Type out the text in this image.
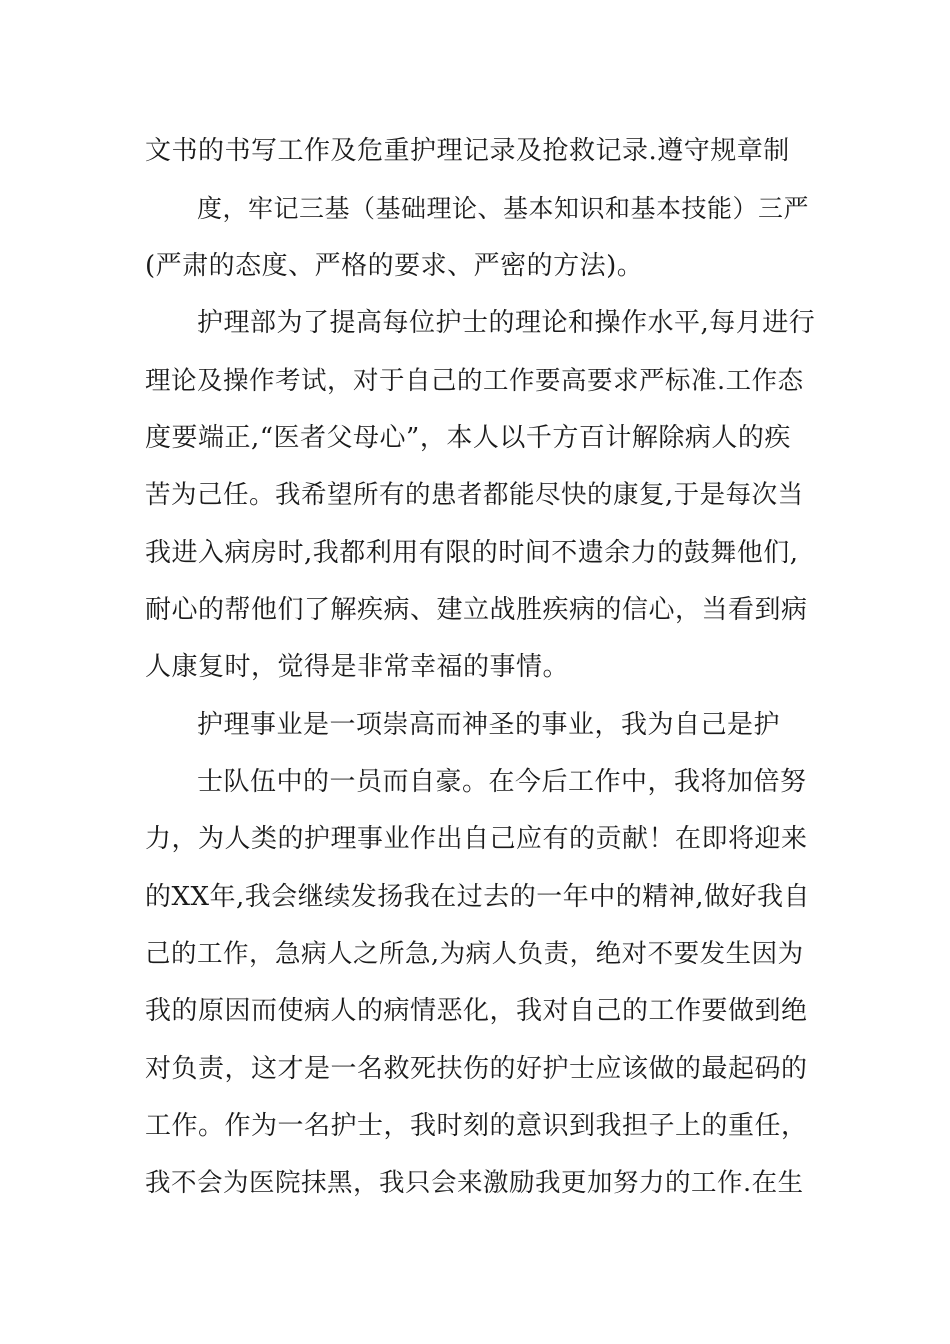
文书的书写工作及危重护理记录及抢救记录.遵守规章制
度，牢记三基（基础理论、基本知识和基本技能）三严
(严肃的态度、严格的要求、严密的方法)。
护理部为了提高每位护士的理论和操作水平,每月进行
理论及操作考试，对于自己的工作要高要求严标准.工作态
度要端正,“医者父母心”，本人以千方百计解除病人的疾
苦为己任。我希望所有的患者都能尽快的康复,于是每次当
我进入病房时,我都利用有限的时间不遗余力的鼓舞他们,
耐心的帮他们了解疾病、建立战胜疾病的信心，当看到病
人康复时，觉得是非常幸福的事情。
护理事业是一项崇高而神圣的事业，我为自己是护
士队伍中的一员而自豪。在今后工作中，我将加倍努
力，为人类的护理事业作出自己应有的贡献！在即将迎来
的XX年,我会继续发扬我在过去的一年中的精神,做好我自
己的工作，急病人之所急,为病人负责，绝对不要发生因为
我的原因而使病人的病情恶化，我对自己的工作要做到绝
对负责，这才是一名救死扶伤的好护士应该做的最起码的
工作。作为一名护士，我时刻的意识到我担子上的重任，
我不会为医院抹黑，我只会来激励我更加努力的工作.在生
